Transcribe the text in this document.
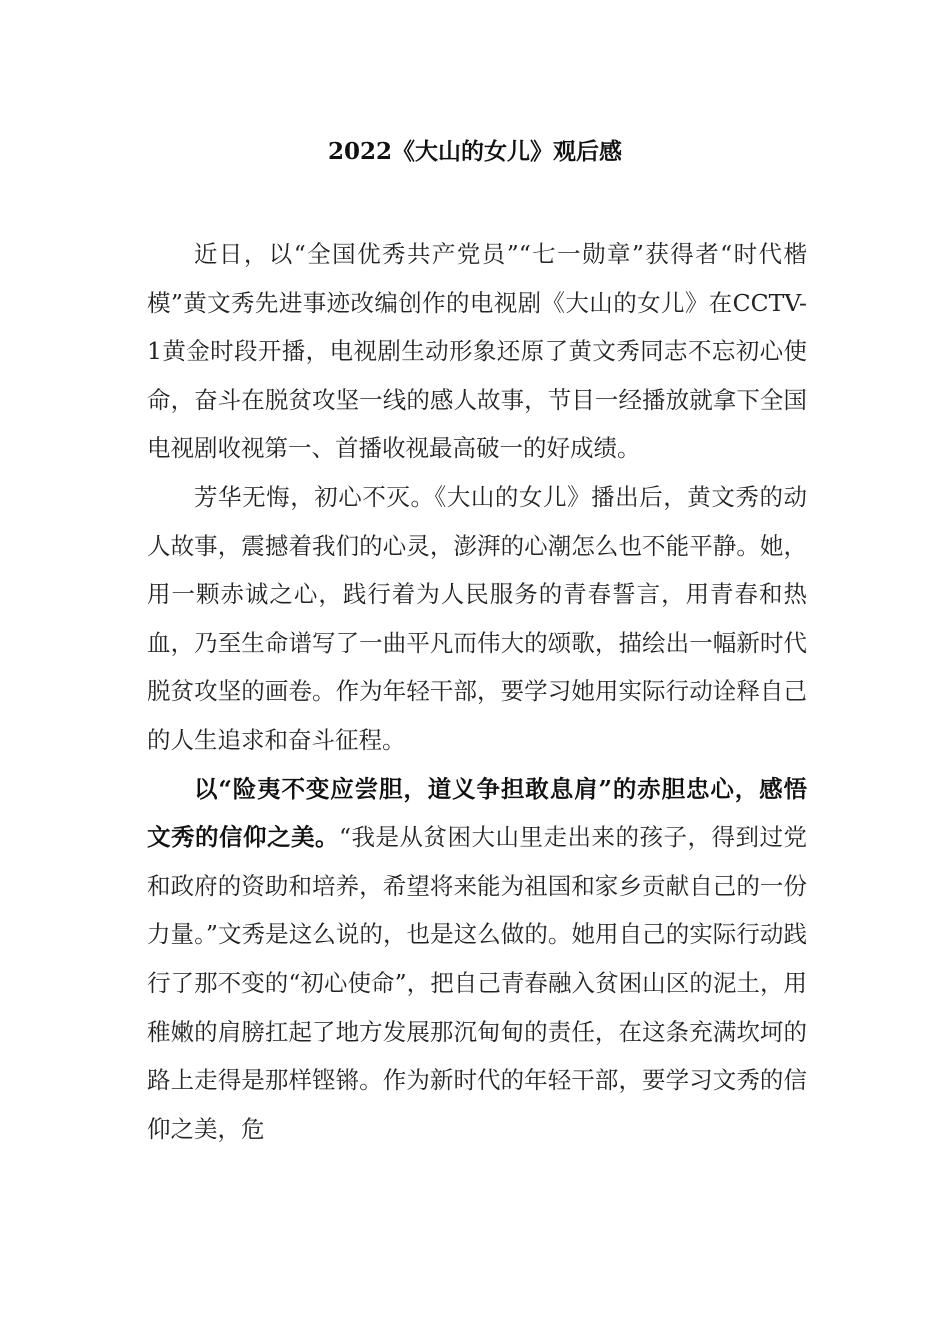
2022《大山的女儿》观后感

近日，以“全国优秀共产党员”“七一勋章”获得者“时代楷模”黄文秀先进事迹改编创作的电视剧《大山的女儿》在CCTV-1黄金时段开播，电视剧生动形象还原了黄文秀同志不忘初心使命，奋斗在脱贫攻坚一线的感人故事，节目一经播放就拿下全国电视剧收视第一、首播收视最高破一的好成绩。

芳华无悔，初心不灭。《大山的女儿》播出后，黄文秀的动人故事，震撼着我们的心灵，澎湃的心潮怎么也不能平静。她，用一颗赤诚之心，践行着为人民服务的青春誓言，用青春和热血，乃至生命谱写了一曲平凡而伟大的颂歌，描绘出一幅新时代脱贫攻坚的画卷。作为年轻干部，要学习她用实际行动诠释自己的人生追求和奋斗征程。

以“险夷不变应尝胆，道义争担敢息肩”的赤胆忠心，感悟文秀的信仰之美。“我是从贫困大山里走出来的孩子，得到过党和政府的资助和培养，希望将来能为祖国和家乡贡献自己的一份力量。”文秀是这么说的，也是这么做的。她用自己的实际行动践行了那不变的“初心使命”，把自己青春融入贫困山区的泥土，用稚嫩的肩膀扛起了地方发展那沉甸甸的责任，在这条充满坎坷的路上走得是那样铿锵。作为新时代的年轻干部，要学习文秀的信仰之美，危
